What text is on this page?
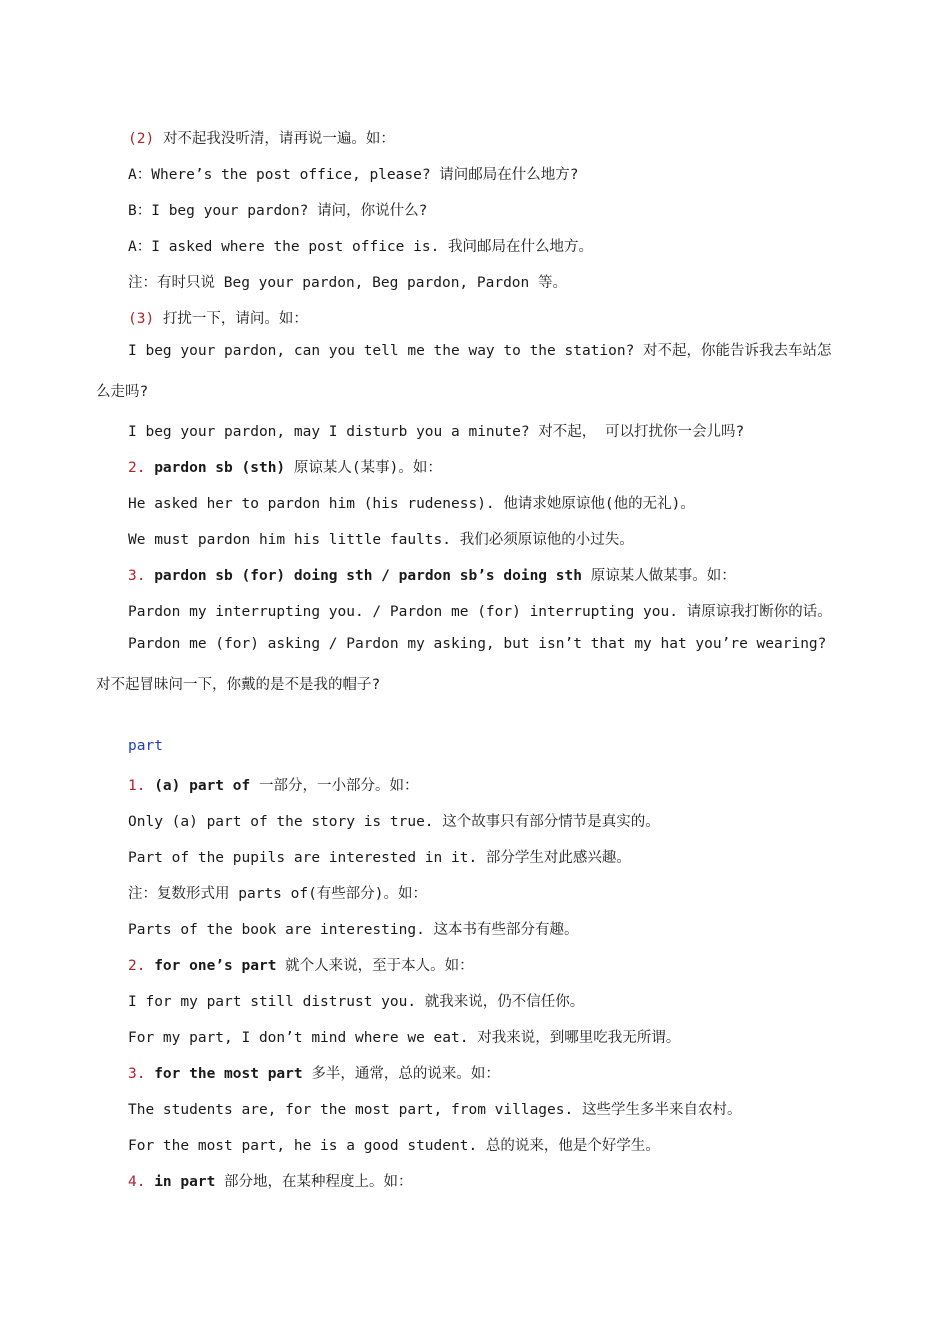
(2) 对不起我没听清，请再说一遍。如：
A：Where’s the post office, please? 请问邮局在什么地方?
B：I beg your pardon? 请问，你说什么?
A：I asked where the post office is. 我问邮局在什么地方。
注：有时只说 Beg your pardon, Beg pardon, Pardon 等。
(3) 打扰一下，请问。如：
I beg your pardon, can you tell me the way to the station? 对不起，你能告诉我去车站怎么走吗?
I beg your pardon, may I disturb you a minute? 对不起， 可以打扰你一会儿吗?
2. pardon sb (sth) 原谅某人(某事)。如：
He asked her to pardon him (his rudeness). 他请求她原谅他(他的无礼)。
We must pardon him his little faults. 我们必须原谅他的小过失。
3. pardon sb (for) doing sth / pardon sb’s doing sth 原谅某人做某事。如：
Pardon my interrupting you. / Pardon me (for) interrupting you. 请原谅我打断你的话。
Pardon me (for) asking / Pardon my asking, but isn’t that my hat you’re wearing? 对不起冒昧问一下，你戴的是不是我的帽子?
part
1. (a) part of 一部分，一小部分。如：
Only (a) part of the story is true. 这个故事只有部分情节是真实的。
Part of the pupils are interested in it. 部分学生对此感兴趣。
注：复数形式用 parts of(有些部分)。如：
Parts of the book are interesting. 这本书有些部分有趣。
2. for one’s part 就个人来说，至于本人。如：
I for my part still distrust you. 就我来说，仍不信任你。
For my part, I don’t mind where we eat. 对我来说，到哪里吃我无所谓。
3. for the most part 多半，通常，总的说来。如：
The students are, for the most part, from villages. 这些学生多半来自农村。
For the most part, he is a good student. 总的说来，他是个好学生。
4. in part 部分地，在某种程度上。如：
